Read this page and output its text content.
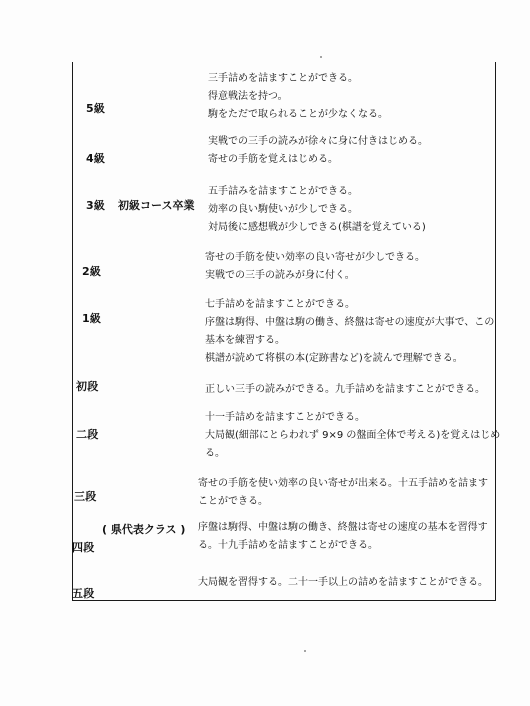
5級
三手詰めを詰ますことができる。
得意戦法を持つ。
駒をただで取られることが少なくなる。
4級
実戦での三手の読みが徐々に身に付きはじめる。
寄せの手筋を覚えはじめる。
3級 初級コース卒業
五手詰みを詰ますことができる。
効率の良い駒使いが少しできる。
対局後に感想戦が少しできる(棋譜を覚えている)
2級
寄せの手筋を使い効率の良い寄せが少しできる。
実戦での三手の読みが身に付く。
1級
七手詰めを詰ますことができる。
序盤は駒得、中盤は駒の働き、終盤は寄せの速度が大事で、この
基本を練習する。
棋譜が読めて将棋の本(定跡書など)を読んで理解できる。
初段	正しい三手の読みができる。九手詰めを詰ますことができる。
二段
十一手詰めを詰ますことができる。
大局観(細部にとらわれず 9×9 の盤面全体で考える)を覚えはじめ
る。
三段
寄せの手筋を使い効率の良い寄せが出来る。十五手詰めを詰ます
ことができる。
四段
( 県代表クラス ) 序盤は駒得、中盤は駒の働き、終盤は寄せの速度の基本を習得す
る。十九手詰めを詰ますことができる。
五段
大局観を習得する。二十一手以上の詰めを詰ますことができる。
